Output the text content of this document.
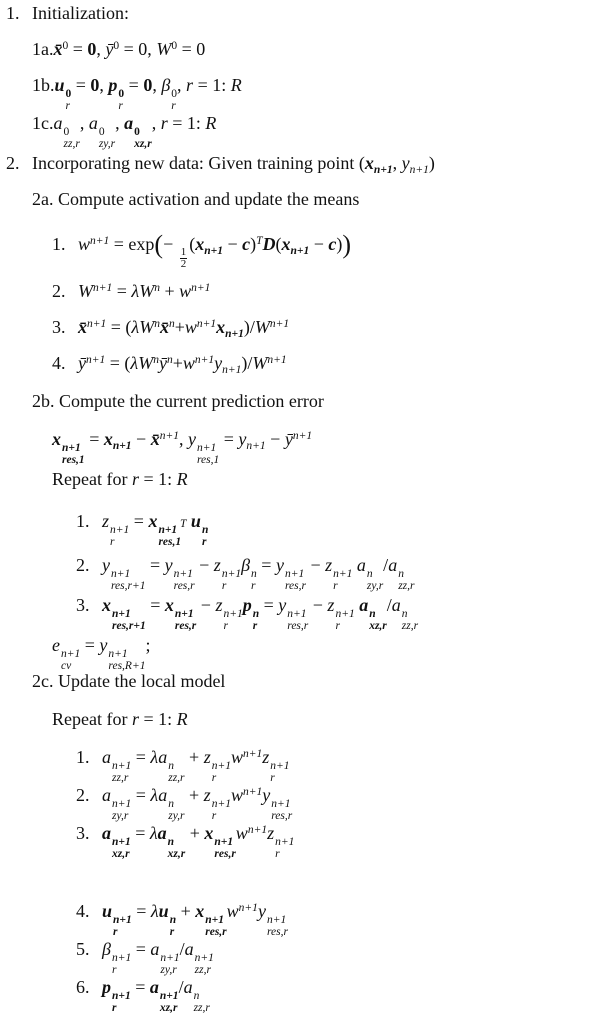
1. Initialization:
1a.x̄$^0$ = 0, $ȳ^0 = 0$, $W^0 = 0$
1b.u 0
r
= 0, p 0
r
= 0, β 0
r
, r = 1: R
1c.a 0
zz,r
, a 0
zy,r
, a 0
xz,r
, r = 1: R
2. Incorporating new data: Given training point ($x_{n+1}$, $y_{n+1}$)
2a. Compute activation and update the means
1. $w^{n+1} = \exp(-$
$\frac{1}{2}$
$(x_{n+1} - c)^TD(x_{n+1} - c)$)
2. $W^{n+1} = \lambda W^n + w^{n+1}$
3. x̄$^{n+1}$ = $(\lambda W^nx̄^n+w^{n+1}x_{n+1})/W^{n+1}$
4. $ȳ^{n+1}$ = $(\lambda W^nȳ^n+w^{n+1}y_{n+1})/W^{n+1}$
2b. Compute the current prediction error
x n+1
res,1
= $x_{n+1}$ − x̄$^{n+1}$, y n+1
res,1
= $y_{n+1}$ − $ȳ^{n+1}$
Repeat for r = 1: R
1. z n+1
r
= x n+1 T
res,1
u n
r
2. y n+1
res,r+1
= y n+1
res,r
− z n+1
r
β n
r
= y n+1
res,r
− z n+1
r
a n
zy,r
/a n
zz,r
3. x n+1
res,r+1
= x n+1
res,r
− z n+1
r
p n
r
= y n+1
res,r
− z n+1
r
a n
xz,r
/a n
zz,r
e n+1
cv
= y n+1
res,R+1
;
2c. Update the local model
Repeat for r = 1: R
1. a n+1
zz,r
= λa n
zz,r
+ z n+1
r
$w^{n+1}z$ n+1
r
2. a n+1
zy,r
= λa n
zy,r
+ z n+1
r
$w^{n+1}y$ n+1
res,r
3. a n+1
xz,r
= λa n
xz,r
+ x n+1
res,r
$w^{n+1}z$ n+1
r
4. u n+1
r
= λu n
r
+ x n+1
res,r
$w^{n+1}y$ n+1
res,r
5. β n+1
r
= a n+1
zy,r
/a n+1
zz,r
6. p n+1
r
= a n+1
xz,r
/a n
zz,r
